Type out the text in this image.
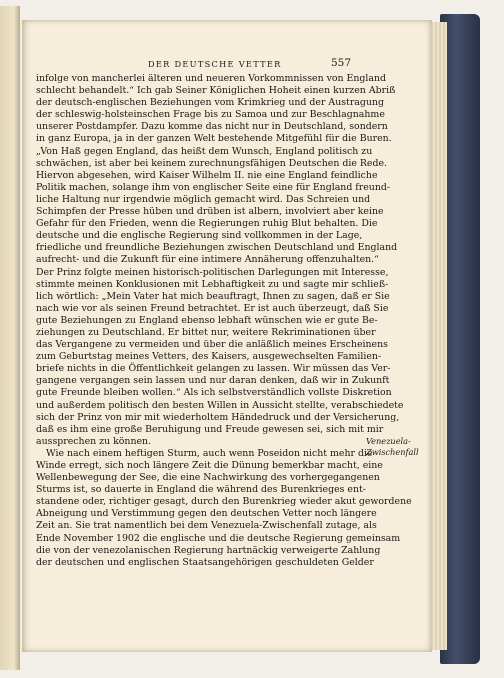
DER DEUTSCHE VETTER	557
infolge von mancherlei älteren und neueren Vorkommnissen von England
schlecht behandelt.“ Ich gab Seiner Königlichen Hoheit einen kurzen Abriß
der deutsch-englischen Beziehungen vom Krimkrieg und der Austragung
der schleswig-holsteinschen Frage bis zu Samoa und zur Beschlagnahme
unserer Postdampfer. Dazu komme das nicht nur in Deutschland, sondern
in ganz Europa, ja in der ganzen Welt bestehende Mitgefühl für die Buren.
„Von Haß gegen England, das heißt dem Wunsch, England politisch zu
schwächen, ist aber bei keinem zurechnungsfähigen Deutschen die Rede.
Hiervon abgesehen, wird Kaiser Wilhelm II. nie eine England feindliche
Politik machen, solange ihm von englischer Seite eine für England freund-
liche Haltung nur irgendwie möglich gemacht wird. Das Schreien und
Schimpfen der Presse hüben und drüben ist albern, involviert aber keine
Gefahr für den Frieden, wenn die Regierungen ruhig Blut behalten. Die
deutsche und die englische Regierung sind vollkommen in der Lage,
friedliche und freundliche Beziehungen zwischen Deutschland und England
aufrecht- und die Zukunft für eine intimere Annäherung offenzuhalten.“
Der Prinz folgte meinen historisch-politischen Darlegungen mit Interesse,
stimmte meinen Konklusionen mit Lebhaftigkeit zu und sagte mir schließ-
lich wörtlich: „Mein Vater hat mich beauftragt, Ihnen zu sagen, daß er Sie
nach wie vor als seinen Freund betrachtet. Er ist auch überzeugt, daß Sie
gute Beziehungen zu England ebenso lebhaft wünschen wie er gute Be-
ziehungen zu Deutschland. Er bittet nur, weitere Rekriminationen über
das Vergangene zu vermeiden und über die anläßlich meines Erscheinens
zum Geburtstag meines Vetters, des Kaisers, ausgewechselten Familien-
briefe nichts in die Öffentlichkeit gelangen zu lassen. Wir müssen das Ver-
gangene vergangen sein lassen und nur daran denken, daß wir in Zukunft
gute Freunde bleiben wollen.“ Als ich selbstverständlich vollste Diskretion
und außerdem politisch den besten Willen in Aussicht stellte, verabschiedete
sich der Prinz von mir mit wiederholtem Händedruck und der Versicherung,
daß es ihm eine große Beruhigung und Freude gewesen sei, sich mit mir
aussprechen zu können.
Wie nach einem heftigen Sturm, auch wenn Poseidon nicht mehr die
Winde erregt, sich noch längere Zeit die Dünung bemerkbar macht, eine
Wellenbewegung der See, die eine Nachwirkung des vorhergegangenen
Sturms ist, so dauerte in England die während des Burenkrieges ent-
standene oder, richtiger gesagt, durch den Burenkrieg wieder akut gewordene
Abneigung und Verstimmung gegen den deutschen Vetter noch längere
Zeit an. Sie trat namentlich bei dem Venezuela-Zwischenfall zutage, als
Ende November 1902 die englische und die deutsche Regierung gemeinsam
die von der venezolanischen Regierung hartnäckig verweigerte Zahlung
der deutschen und englischen Staatsangehörigen geschuldeten Gelder
Venezuela-
Zwischenfall
